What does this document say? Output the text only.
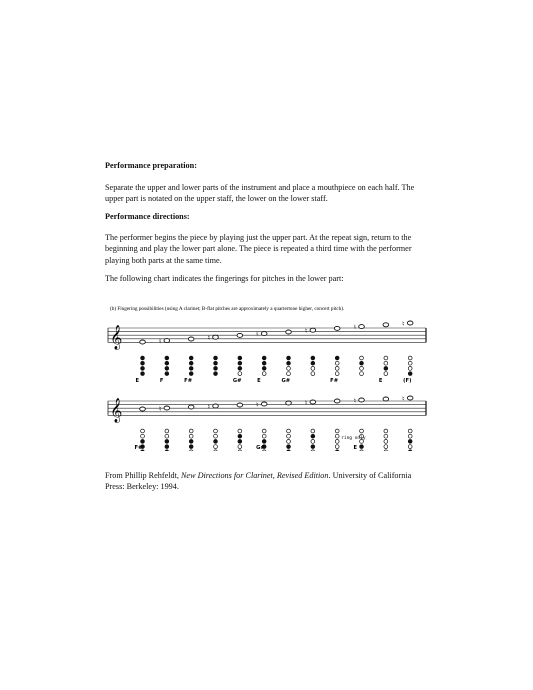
Performance preparation:
Separate the upper and lower parts of the instrument and place a mouthpiece on each half. The upper part is notated on the upper staff, the lower on the lower staff.
Performance directions:
The performer begins the piece by playing just the upper part. At the repeat sign, return to the beginning and play the lower part alone. The piece is repeated a third time with the performer playing both parts at the same time.
The following chart indicates the fingerings for pitches in the lower part:
(b) Fingering possibilities (using A clarinet; B-flat pitches are approximately a quartertone higher, concert pitch).
𝄞	♮	♮	♮	♮	♮	♮
E	F	F#	G#	E	G#	F#	E	(F)
𝄞	♮	♮	♮	♮	♮	♮
F#	G#	E
ring only
From Phillip Rehfeldt, New Directions for Clarinet, Revised Edition. University of California Press: Berkeley: 1994.
